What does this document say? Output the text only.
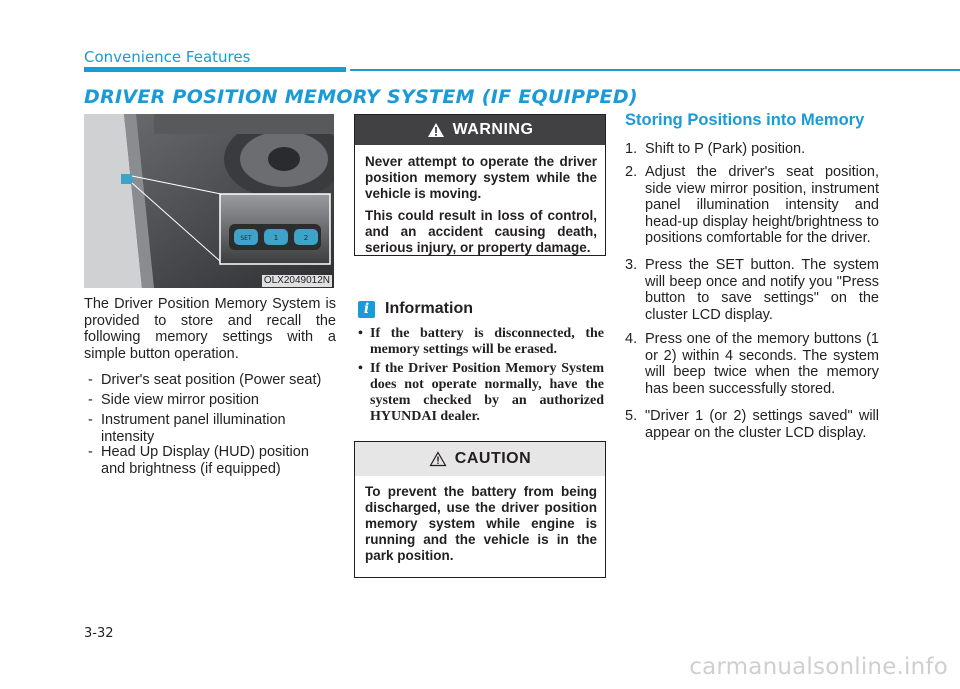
Convenience Features
DRIVER POSITION MEMORY SYSTEM (IF EQUIPPED)
SET	1	2
OLX2049012N
The Driver Position Memory System is provided to store and recall the following memory settings with a simple button operation.
- Driver's seat position (Power seat)
- Side view mirror position
- Instrument panel illumination intensity
- Head Up Display (HUD) position and brightness (if equipped)
WARNING

Never attempt to operate the driver position memory system while the vehicle is moving.

This could result in loss of control, and an accident causing death, serious injury, or property damage.

i Information
• If the battery is disconnected, the memory settings will be erased.
• If the Driver Position Memory System does not operate normally, have the system checked by an authorized HYUNDAI dealer.
CAUTION

To prevent the battery from being discharged, use the driver position memory system while engine is running and the vehicle is in the park position.

Storing Positions into Memory
1. Shift to P (Park) position.
2. Adjust the driver's seat position, side view mirror position, instrument panel illumination intensity and head-up display height/brightness to positions comfortable for the driver.
3. Press the SET button. The system will beep once and notify you "Press button to save settings" on the cluster LCD display.
4. Press one of the memory buttons (1 or 2) within 4 seconds. The system will beep twice when the memory has been successfully stored.
5. "Driver 1 (or 2) settings saved" will appear on the cluster LCD display.
3-32
carmanualsonline.info
